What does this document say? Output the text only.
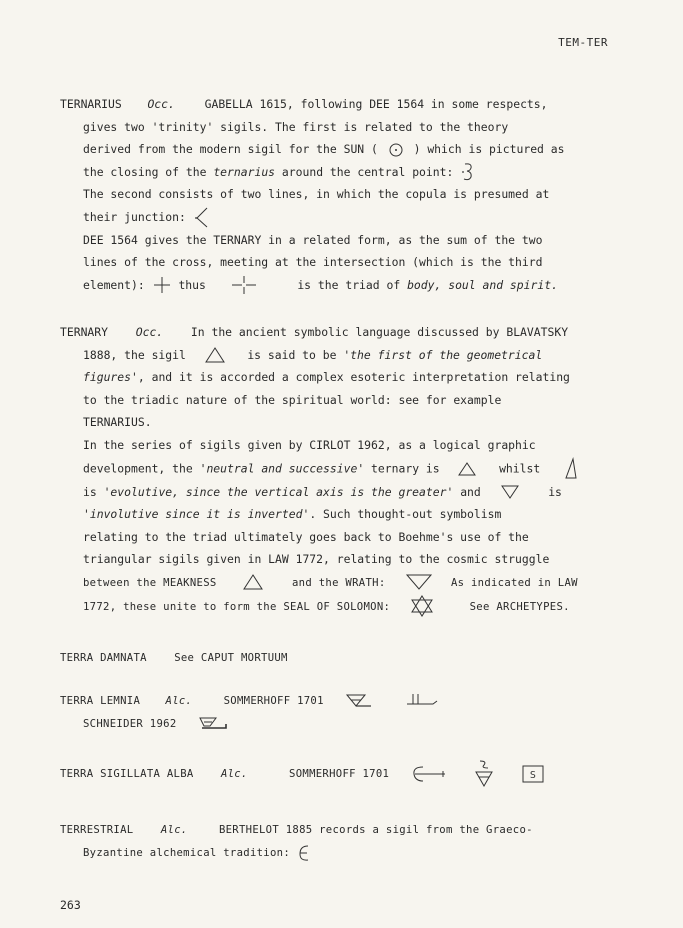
TEM-TER
TERNARIUS Occ.	GABELLA 1615, following DEE 1564 in some respects,
gives two 'trinity' sigils. The first is related to the theory
derived from the modern sigil for the SUN (	) which is pictured as
the closing of the ternarius around the central point:
The second consists of two lines, in which the copula is presumed at
their junction:
DEE 1564 gives the TERNARY in a related form, as the sum of the two
lines of the cross, meeting at the intersection (which is the third
element):	thus	is the triad of body, soul and spirit.
TERNARY Occ. In the ancient symbolic language discussed by BLAVATSKY
1888, the sigil	is said to be 'the first of the geometrical
figures', and it is accorded a complex esoteric interpretation relating
to the triadic nature of the spiritual world: see for example
TERNARIUS.
In the series of sigils given by CIRLOT 1962, as a logical graphic
development, the 'neutral and successive' ternary is	whilst
is 'evolutive, since the vertical axis is the greater' and	is
'involutive since it is inverted'. Such thought-out symbolism
relating to the triad ultimately goes back to Boehme's use of the
triangular sigils given in LAW 1772, relating to the cosmic struggle
between the MEAKNESS	and the WRATH:	As indicated in LAW
1772, these unite to form the SEAL OF SOLOMON:	See ARCHETYPES.
TERRA DAMNATA	See CAPUT MORTUUM
TERRA LEMNIA Alc.	SOMMERHOFF 1701

SCHNEIDER 1962
TERRA SIGILLATA ALBA	Alc.	SOMMERHOFF 1701

	S
TERRESTRIAL	Alc.	BERTHELOT 1885 records a sigil from the Graeco-
Byzantine alchemical tradition:
263
